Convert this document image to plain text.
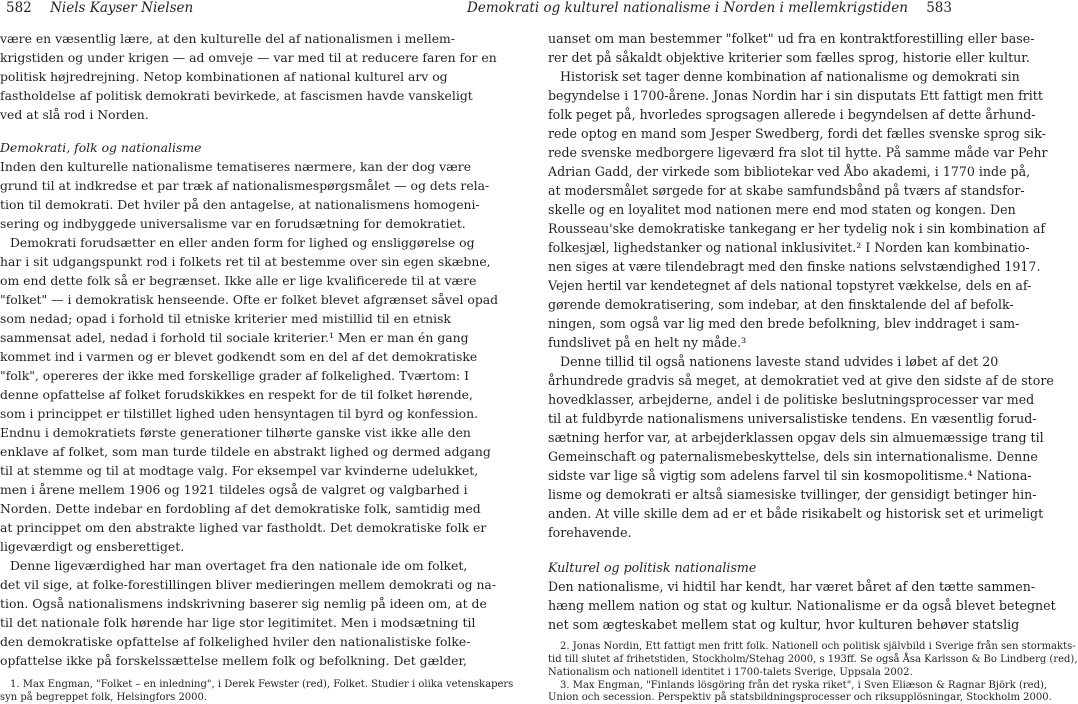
582 Niels Kayser Nielsen
være en væsentlig lære, at den kulturelle del af nationalismen i mellem-
krigstiden og under krigen — ad omveje — var med til at reducere faren for en
politisk højredrejning. Netop kombinationen af national kulturel arv og
fastholdelse af politisk demokrati bevirkede, at fascismen havde vanskeligt
ved at slå rod i Norden.
Demokrati, folk og nationalisme
Inden den kulturelle nationalisme tematiseres nærmere, kan der dog være
grund til at indkredse et par træk af nationalismespørgsmålet — og dets rela-
tion til demokrati. Det hviler på den antagelse, at nationalismens homogeni-
sering og indbyggede universalisme var en forudsætning for demokratiet.
Demokrati forudsætter en eller anden form for lighed og ensliggørelse og
har i sit udgangspunkt rod i folkets ret til at bestemme over sin egen skæbne,
om end dette folk så er begrænset. Ikke alle er lige kvalificerede til at være
"folket" — i demokratisk henseende. Ofte er folket blevet afgrænset såvel opad
som nedad; opad i forhold til etniske kriterier med mistillid til en etnisk
sammensat adel, nedad i forhold til sociale kriterier.¹ Men er man én gang
kommet ind i varmen og er blevet godkendt som en del af det demokratiske
"folk", opereres der ikke med forskellige grader af folkelighed. Tværtom: I
denne opfattelse af folket forudskikkes en respekt for de til folket hørende,
som i princippet er tilstillet lighed uden hensyntagen til byrd og konfession.
Endnu i demokratiets første generationer tilhørte ganske vist ikke alle den
enklave af folket, som man turde tildele en abstrakt lighed og dermed adgang
til at stemme og til at modtage valg. For eksempel var kvinderne udelukket,
men i årene mellem 1906 og 1921 tildeles også de valgret og valgbarhed i
Norden. Dette indebar en fordobling af det demokratiske folk, samtidig med
at princippet om den abstrakte lighed var fastholdt. Det demokratiske folk er
ligeværdigt og ensberettiget.
Denne ligeværdighed har man overtaget fra den nationale ide om folket,
det vil sige, at folke-forestillingen bliver medieringen mellem demokrati og na-
tion. Også nationalismens indskrivning baserer sig nemlig på ideen om, at de
til det nationale folk hørende har lige stor legitimitet. Men i modsætning til
den demokratiske opfattelse af folkelighed hviler den nationalistiske folke-
opfattelse ikke på forskelssættelse mellem folk og befolkning. Det gælder,
1. Max Engman, "Folket – en inledning", i Derek Fewster (red), Folket. Studier i olika vetenskapers
syn på begreppet folk, Helsingfors 2000.
Demokrati og kulturel nationalisme i Norden i mellemkrigstiden 583
uanset om man bestemmer "folket" ud fra en kontraktforestilling eller base-
rer det på såkaldt objektive kriterier som fælles sprog, historie eller kultur.
Historisk set tager denne kombination af nationalisme og demokrati sin
begyndelse i 1700-årene. Jonas Nordin har i sin disputats Ett fattigt men fritt
folk peget på, hvorledes sprogsagen allerede i begyndelsen af dette århund-
rede optog en mand som Jesper Swedberg, fordi det fælles svenske sprog sik-
rede svenske medborgere ligeværd fra slot til hytte. På samme måde var Pehr
Adrian Gadd, der virkede som bibliotekar ved Åbo akademi, i 1770 inde på,
at modersmålet sørgede for at skabe samfundsbånd på tværs af standsfor-
skelle og en loyalitet mod nationen mere end mod staten og kongen. Den
Rousseau'ske demokratiske tankegang er her tydelig nok i sin kombination af
folkesjæl, lighedstanker og national inklusivitet.² I Norden kan kombinatio-
nen siges at være tilendebragt med den finske nations selvstændighed 1917.
Vejen hertil var kendetegnet af dels national topstyret vækkelse, dels en af-
gørende demokratisering, som indebar, at den finsktalende del af befolk-
ningen, som også var lig med den brede befolkning, blev inddraget i sam-
fundslivet på en helt ny måde.³
Denne tillid til også nationens laveste stand udvides i løbet af det 20
århundrede gradvis så meget, at demokratiet ved at give den sidste af de store
hovedklasser, arbejderne, andel i de politiske beslutningsprocesser var med
til at fuldbyrde nationalismens universalistiske tendens. En væsentlig forud-
sætning herfor var, at arbejderklassen opgav dels sin almuemæssige trang til
Gemeinschaft og paternalismebeskyttelse, dels sin internationalisme. Denne
sidste var lige så vigtig som adelens farvel til sin kosmopolitisme.⁴ Nationa-
lisme og demokrati er altså siamesiske tvillinger, der gensidigt betinger hin-
anden. At ville skille dem ad er et både risikabelt og historisk set et urimeligt
forehavende.
Kulturel og politisk nationalisme
Den nationalisme, vi hidtil har kendt, har været båret af den tætte sammen-
hæng mellem nation og stat og kultur. Nationalisme er da også blevet betegnet
net som ægteskabet mellem stat og kultur, hvor kulturen behøver statslig
2. Jonas Nordin, Ett fattigt men fritt folk. Nationell och politisk självbild i Sverige från sen stormakts-
tid till slutet af frihetstiden, Stockholm/Stehag 2000, s 193ff. Se også Åsa Karlsson & Bo Lindberg (red),
Nationalism och nationell identitet i 1700-talets Sverige, Uppsala 2002.
3. Max Engman, "Finlands lösgöring från det ryska riket", i Sven Eliæson & Ragnar Björk (red),
Union och secession. Perspektiv på statsbildningsprocesser och riksupplösningar, Stockholm 2000.
